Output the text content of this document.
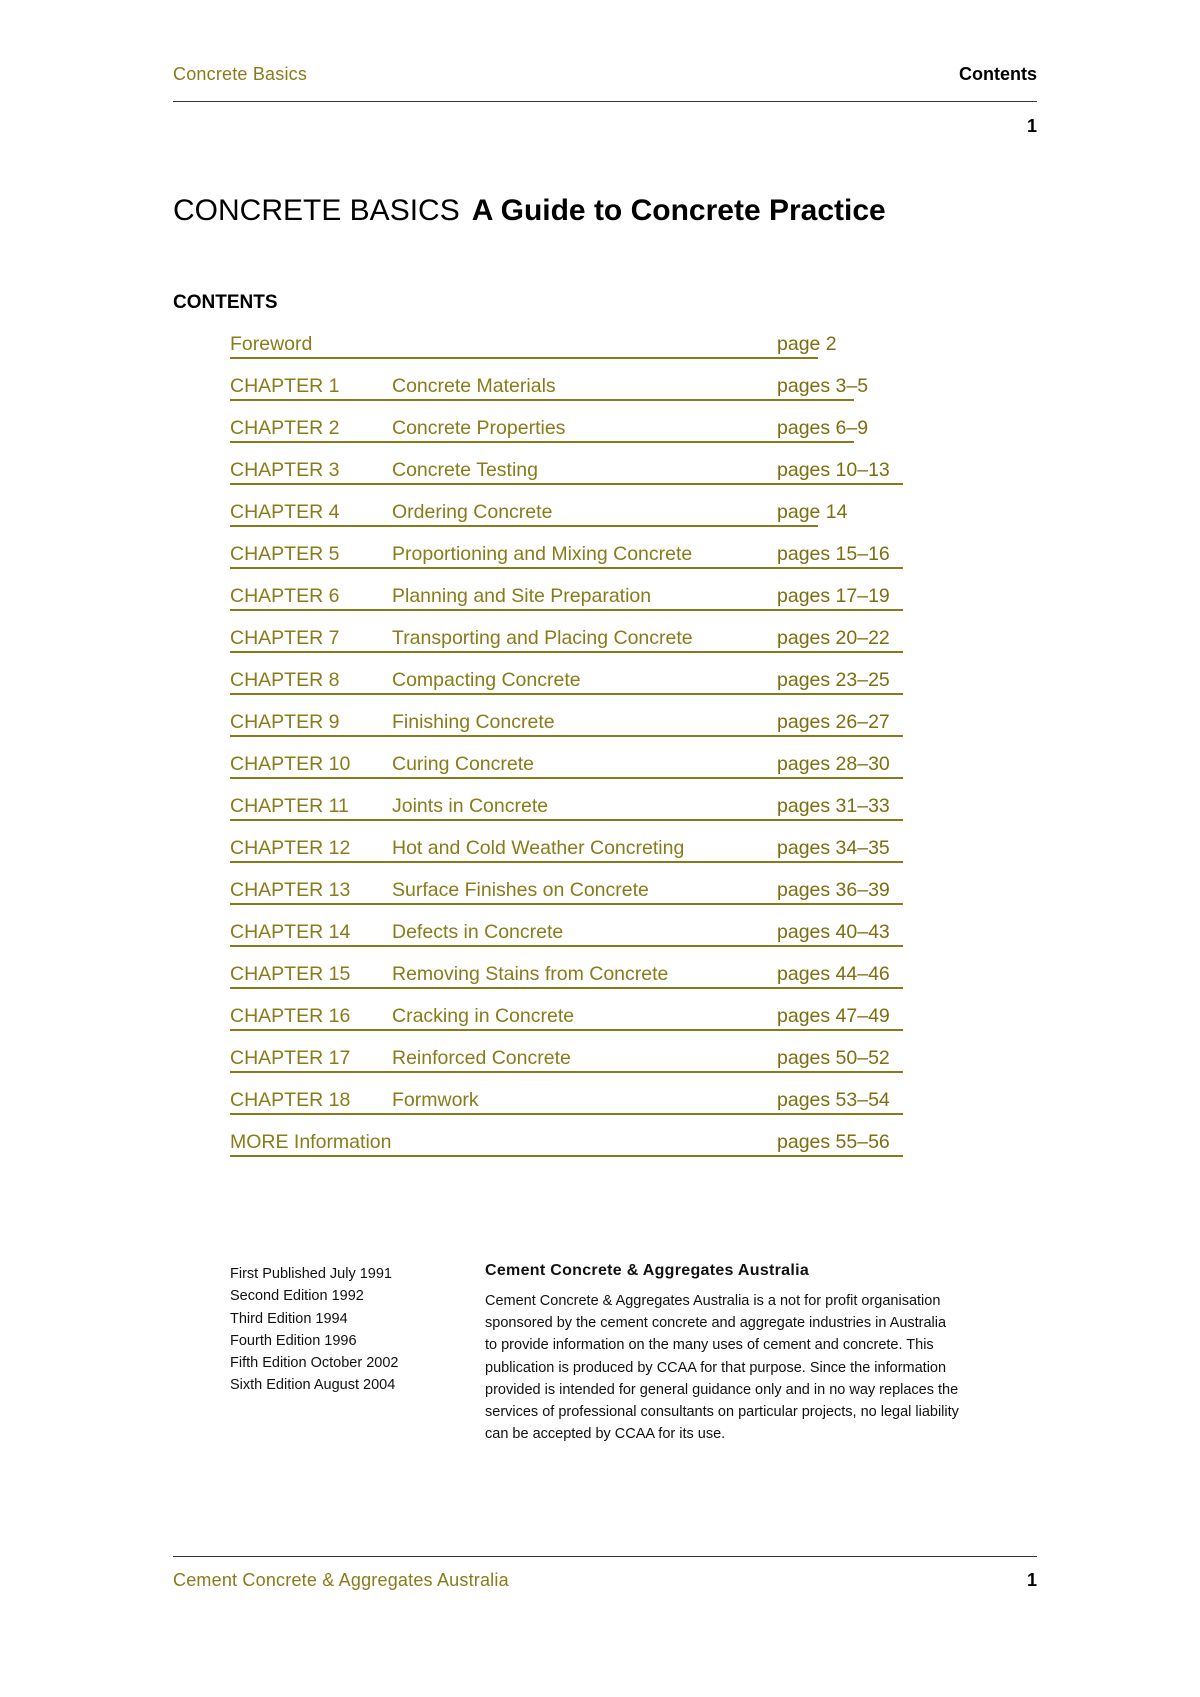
Concrete Basics	Contents
1
CONCRETE BASICS A Guide to Concrete Practice
CONTENTS
Foreword	page 2
CHAPTER 1	Concrete Materials	pages 3–5
CHAPTER 2	Concrete Properties	pages 6–9
CHAPTER 3	Concrete Testing	pages 10–13
CHAPTER 4	Ordering Concrete	page 14
CHAPTER 5	Proportioning and Mixing Concrete	pages 15–16
CHAPTER 6	Planning and Site Preparation	pages 17–19
CHAPTER 7	Transporting and Placing Concrete	pages 20–22
CHAPTER 8	Compacting Concrete	pages 23–25
CHAPTER 9	Finishing Concrete	pages 26–27
CHAPTER 10 Curing Concrete	pages 28–30
CHAPTER 11 Joints in Concrete	pages 31–33
CHAPTER 12 Hot and Cold Weather Concreting	pages 34–35
CHAPTER 13 Surface Finishes on Concrete	pages 36–39
CHAPTER 14 Defects in Concrete	pages 40–43
CHAPTER 15 Removing Stains from Concrete	pages 44–46
CHAPTER 16 Cracking in Concrete	pages 47–49
CHAPTER 17 Reinforced Concrete	pages 50–52
CHAPTER 18 Formwork	pages 53–54
MORE Information	pages 55–56
First Published July 1991
Second Edition 1992
Third Edition 1994
Fourth Edition 1996
Fifth Edition October 2002
Sixth Edition August 2004
Cement Concrete & Aggregates Australia
Cement Concrete & Aggregates Australia is a not for profit organisation
sponsored by the cement concrete and aggregate industries in Australia
to provide information on the many uses of cement and concrete. This
publication is produced by CCAA for that purpose. Since the information
provided is intended for general guidance only and in no way replaces the
services of professional consultants on particular projects, no legal liability
can be accepted by CCAA for its use.
Cement Concrete & Aggregates Australia	1
